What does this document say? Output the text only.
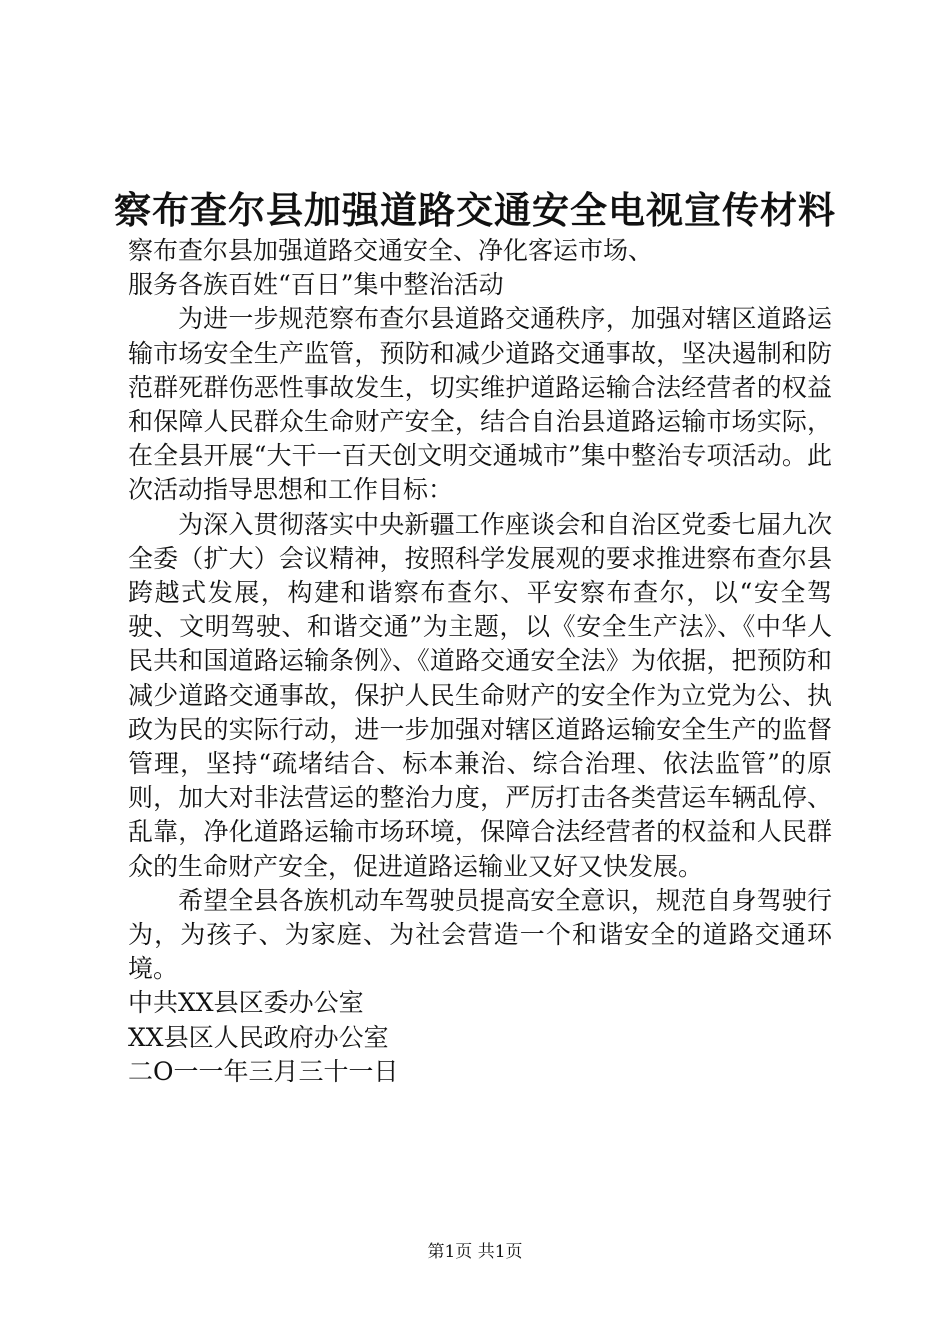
察布查尔县加强道路交通安全电视宣传材料

察布查尔县加强道路交通安全、净化客运市场、

服务各族百姓“百日”集中整治活动

为进一步规范察布查尔县道路交通秩序，加强对辖区道路运输市场安全生产监管，预防和减少道路交通事故，坚决遏制和防范群死群伤恶性事故发生，切实维护道路运输合法经营者的权益和保障人民群众生命财产安全，结合自治县道路运输市场实际，在全县开展“大干一百天创文明交通城市”集中整治专项活动。此次活动指导思想和工作目标：

为深入贯彻落实中央新疆工作座谈会和自治区党委七届九次全委（扩大）会议精神，按照科学发展观的要求推进察布查尔县跨越式发展，构建和谐察布查尔、平安察布查尔，以“安全驾驶、文明驾驶、和谐交通”为主题，以《安全生产法》、《中华人民共和国道路运输条例》、《道路交通安全法》为依据，把预防和减少道路交通事故，保护人民生命财产的安全作为立党为公、执政为民的实际行动，进一步加强对辖区道路运输安全生产的监督管理，坚持“疏堵结合、标本兼治、综合治理、依法监管”的原则，加大对非法营运的整治力度，严厉打击各类营运车辆乱停、乱靠，净化道路运输市场环境，保障合法经营者的权益和人民群众的生命财产安全，促进道路运输业又好又快发展。

希望全县各族机动车驾驶员提高安全意识，规范自身驾驶行为，为孩子、为家庭、为社会营造一个和谐安全的道路交通环境。

中共XX县区委办公室

XX县区人民政府办公室

二O一一年三月三十一日

第1页 共1页
